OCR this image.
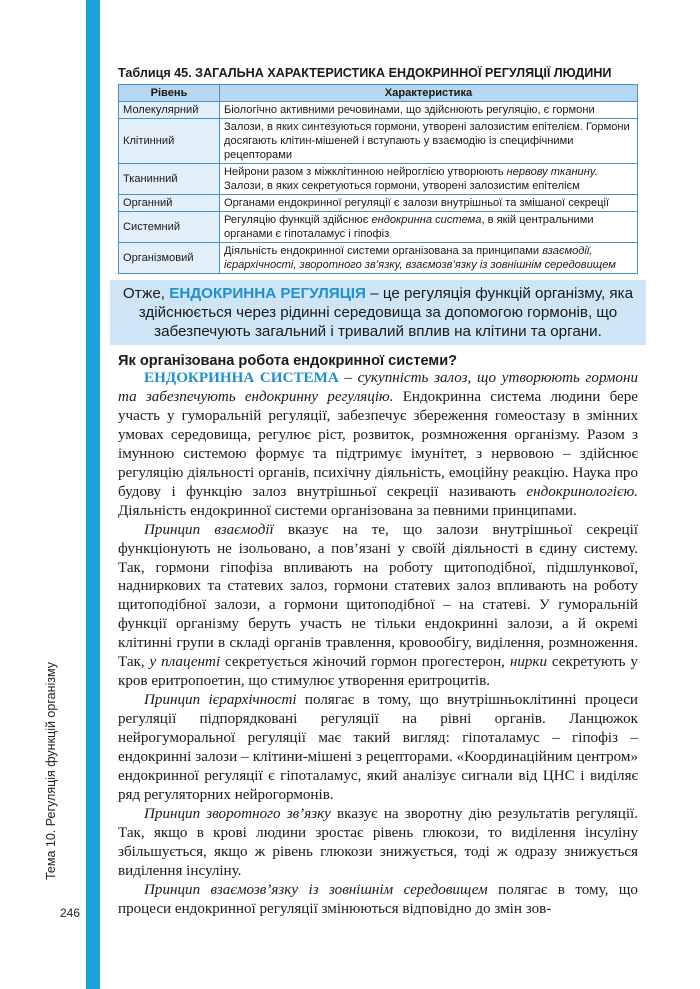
Тема 10. Регуляція функцій організму
246
Таблиця 45. ЗАГАЛЬНА ХАРАКТЕРИСТИКА ЕНДОКРИННОЇ РЕГУЛЯЦІЇ ЛЮДИНИ
Рівень	Характеристика
Молекулярний	Біологічно активними речовинами, що здійснюють регуляцію, є гормони
Клітинний	Залози, в яких синтезуються гормони, утворені залозистим епітелієм. Гормони досягають клітин-мішеней і вступають у взаємодію із специфічними рецепторами
Тканинний	Нейрони разом з міжклітинною нейроглією утворюють нервову тканину. Залози, в яких секретуються гормони, утворені залозистим епітелієм
Органний	Органами ендокринної регуляції є залози внутрішньої та змішаної секреції
Системний	Регуляцію функцій здійснює ендокринна система, в якій центральними органами є гіпоталамус і гіпофіз
Організмовий	Діяльність ендокринної системи організована за принципами взаємодії, ієрархічності, зворотного зв’язку, взаємозв’язку із зовнішнім середовищем
Отже, ЕНДОКРИННА РЕГУЛЯЦІЯ – це регуляція функцій організму, яка здійснюється через рідинні середовища за допомогою гормонів, що забезпечують загальний і тривалий вплив на клітини та органи.
Як організована робота ендокринної системи?

ЕНДОКРИННА СИСТЕМА – сукупність залоз, що утворюють гормони та забезпечують ендокринну регуляцію. Ендокринна система людини бере участь у гуморальній регуляції, забезпечує збереження гомеостазу в змінних умовах середовища, регулює ріст, розвиток, розмноження організму. Разом з імунною системою формує та підтримує імунітет, з нервовою – здійснює регуляцію діяльності органів, психічну діяльність, емоційну реакцію. Наука про будову і функцію залоз внутрішньої секреції називають ендокринологією. Діяльність ендокринної системи організована за певними принципами.

Принцип взаємодії вказує на те, що залози внутрішньої секреції функціонують не ізольовано, а пов’язані у своїй діяльності в єдину систему. Так, гормони гіпофіза впливають на роботу щитоподібної, підшлункової, надниркових та статевих залоз, гормони статевих залоз впливають на роботу щитоподібної залози, а гормони щитоподібної – на статеві. У гуморальній функції організму беруть участь не тільки ендокринні залози, а й окремі клітинні групи в складі органів травлення, кровообігу, виділення, розмноження. Так, у плаценті секретується жіночий гормон прогестерон, нирки секретують у кров еритропоетин, що стимулює утворення еритроцитів.

Принцип ієрархічності полягає в тому, що внутрішньоклітинні процеси регуляції підпорядковані регуляції на рівні органів. Ланцюжок нейрогуморальної регуляції має такий вигляд: гіпоталамус – гіпофіз – ендокринні залози – клітини-мішені з рецепторами. «Координаційним центром» ендокринної регуляції є гіпоталамус, який аналізує сигнали від ЦНС і виділяє ряд регуляторних нейрогормонів.

Принцип зворотного зв’язку вказує на зворотну дію результатів регуляції. Так, якщо в крові людини зростає рівень глюкози, то виділення інсуліну збільшується, якщо ж рівень глюкози знижується, тоді ж одразу знижується виділення інсуліну.

Принцип взаємозв’язку із зовнішнім середовищем полягає в тому, що процеси ендокринної регуляції змінюються відповідно до змін зов-
